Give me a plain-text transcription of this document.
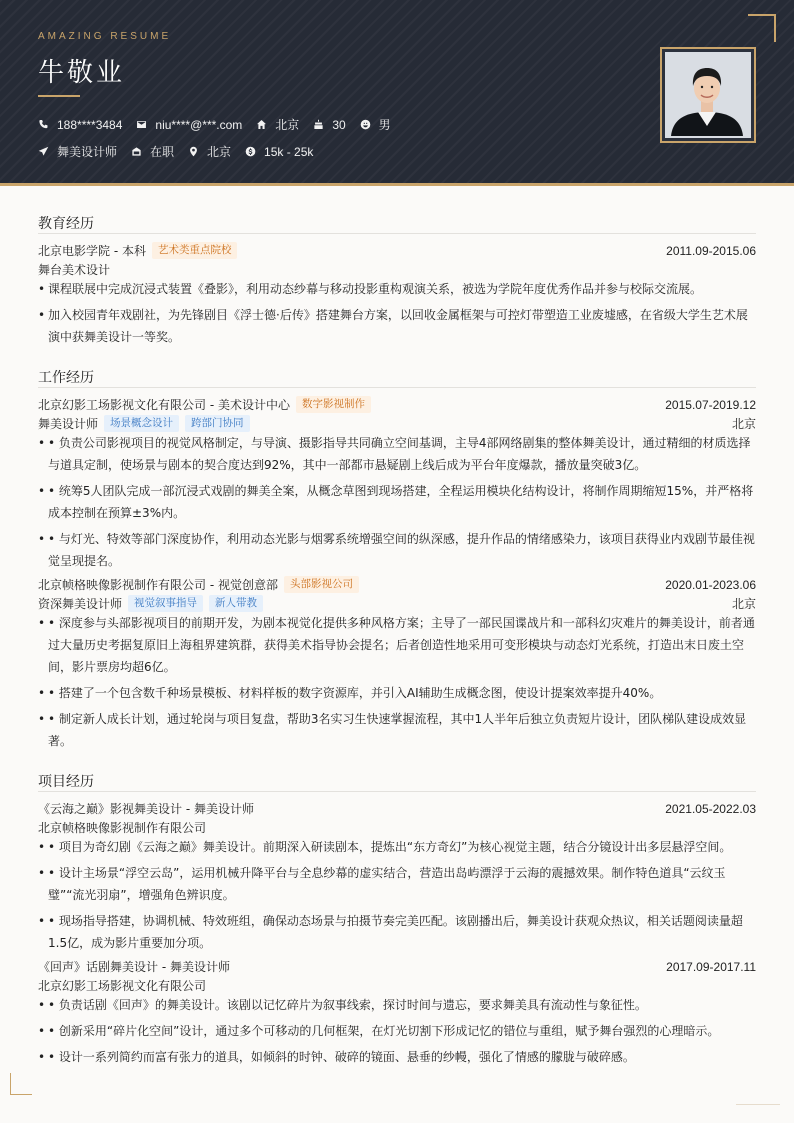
AMAZING RESUME
牛敬业
188****3484	niu****@***.com	北京	30	男
舞美设计师	在职	北京	15k - 25k
教育经历
北京电影学院 - 本科	艺术类重点院校	2011.09-2015.06
舞台美术设计
• 课程联展中完成沉浸式装置《叠影》，利用动态纱幕与移动投影重构观演关系，被选为学院年度优秀作品并参与校际交流展。
• 加入校园青年戏剧社，为先锋剧目《浮士德·后传》搭建舞台方案，以回收金属框架与可控灯带塑造工业废墟感，在省级大学生艺术展演中获舞美设计一等奖。
工作经历
北京幻影工场影视文化有限公司 - 美术设计中心	数字影视制作	2015.07-2019.12
舞美设计师	场景概念设计	跨部门协同	北京
• • 负责公司影视项目的视觉风格制定，与导演、摄影指导共同确立空间基调，主导4部网络剧集的整体舞美设计，通过精细的材质选择与道具定制，使场景与剧本的契合度达到92%，其中一部都市悬疑剧上线后成为平台年度爆款，播放量突破3亿。
• • 统筹5人团队完成一部沉浸式戏剧的舞美全案，从概念草图到现场搭建，全程运用模块化结构设计，将制作周期缩短15%，并严格将成本控制在预算±3%内。
• • 与灯光、特效等部门深度协作，利用动态光影与烟雾系统增强空间的纵深感，提升作品的情绪感染力，该项目获得业内戏剧节最佳视觉呈现提名。
北京帧格映像影视制作有限公司 - 视觉创意部	头部影视公司	2020.01-2023.06
资深舞美设计师	视觉叙事指导	新人带教	北京
• • 深度参与头部影视项目的前期开发，为剧本视觉化提供多种风格方案；主导了一部民国谍战片和一部科幻灾难片的舞美设计，前者通过大量历史考据复原旧上海租界建筑群，获得美术指导协会提名；后者创造性地采用可变形模块与动态灯光系统，打造出末日废土空间，影片票房均超6亿。
• • 搭建了一个包含数千种场景模板、材料样板的数字资源库，并引入AI辅助生成概念图，使设计提案效率提升40%。
• • 制定新人成长计划，通过轮岗与项目复盘，帮助3名实习生快速掌握流程，其中1人半年后独立负责短片设计，团队梯队建设成效显著。
项目经历
《云海之巅》影视舞美设计 - 舞美设计师	2021.05-2022.03
北京帧格映像影视制作有限公司
• • 项目为奇幻剧《云海之巅》舞美设计。前期深入研读剧本，提炼出“东方奇幻”为核心视觉主题，结合分镜设计出多层悬浮空间。
• • 设计主场景“浮空云岛”，运用机械升降平台与全息纱幕的虚实结合，营造出岛屿漂浮于云海的震撼效果。制作特色道具“云纹玉璧”“流光羽扇”，增强角色辨识度。
• • 现场指导搭建，协调机械、特效班组，确保动态场景与拍摄节奏完美匹配。该剧播出后，舞美设计获观众热议，相关话题阅读量超1.5亿，成为影片重要加分项。
《回声》话剧舞美设计 - 舞美设计师	2017.09-2017.11
北京幻影工场影视文化有限公司
• • 负责话剧《回声》的舞美设计。该剧以记忆碎片为叙事线索，探讨时间与遗忘，要求舞美具有流动性与象征性。
• • 创新采用“碎片化空间”设计，通过多个可移动的几何框架，在灯光切割下形成记忆的错位与重组，赋予舞台强烈的心理暗示。
• • 设计一系列简约而富有张力的道具，如倾斜的时钟、破碎的镜面、悬垂的纱幔，强化了情感的朦胧与破碎感。
